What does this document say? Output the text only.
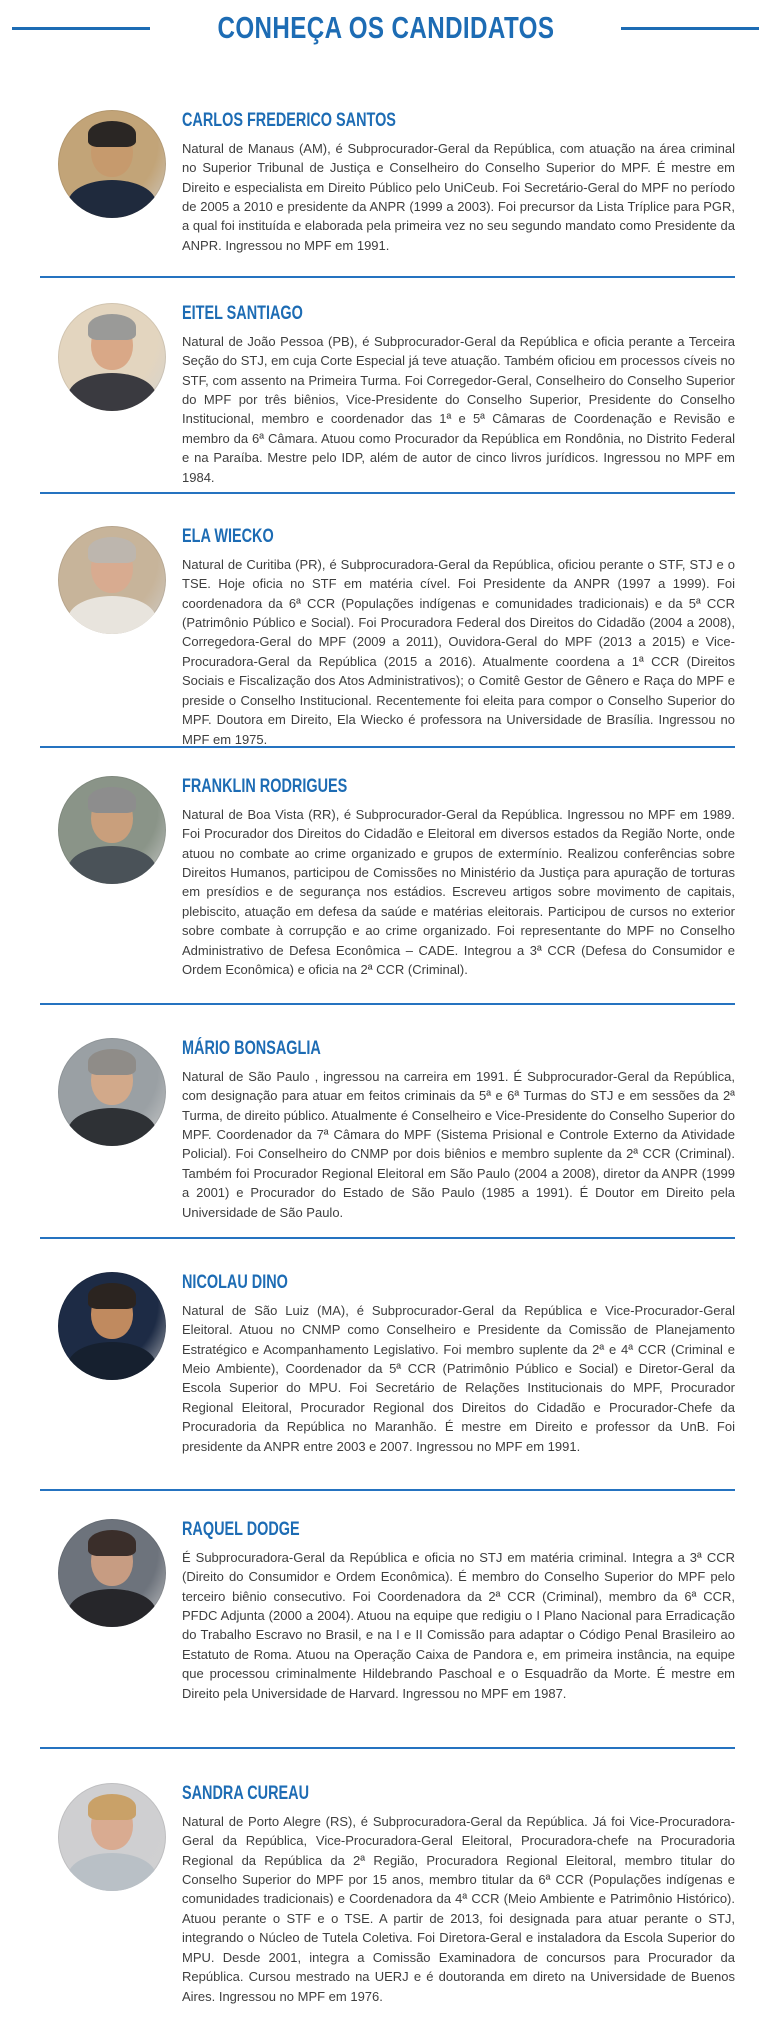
CONHEÇA OS CANDIDATOS
CARLOS FREDERICO SANTOS

Natural de Manaus (AM), é Subprocurador-Geral da República, com atuação na área criminal no Superior Tribunal de Justiça e Conselheiro do Conselho Superior do MPF. É mestre em Direito e especialista em Direito Público pelo UniCeub. Foi Secretário-Geral do MPF no período de 2005 a 2010 e presidente da ANPR (1999 a 2003). Foi precursor da Lista Tríplice para PGR, a qual foi instituída e elaborada pela primeira vez no seu segundo mandato como Presidente da ANPR. Ingressou no MPF em 1991.

EITEL SANTIAGO

Natural de João Pessoa (PB), é Subprocurador-Geral da República e oficia perante a Terceira Seção do STJ, em cuja Corte Especial já teve atuação. Também oficiou em processos cíveis no STF, com assento na Primeira Turma. Foi Corregedor-Geral, Conselheiro do Conselho Superior do MPF por três biênios, Vice-Presidente do Conselho Superior, Presidente do Conselho Institucional, membro e coordenador das 1ª e 5ª Câmaras de Coordenação e Revisão e membro da 6ª Câmara. Atuou como Procurador da República em Rondônia, no Distrito Federal e na Paraíba. Mestre pelo IDP, além de autor de cinco livros jurídicos. Ingressou no MPF em 1984.

ELA WIECKO

Natural de Curitiba (PR), é Subprocuradora-Geral da República, oficiou perante o STF, STJ e o TSE. Hoje oficia no STF em matéria cível. Foi Presidente da ANPR (1997 a 1999). Foi coordenadora da 6ª CCR (Populações indígenas e comunidades tradicionais) e da 5ª CCR (Patrimônio Público e Social). Foi Procuradora Federal dos Direitos do Cidadão (2004 a 2008), Corregedora-Geral do MPF (2009 a 2011), Ouvidora-Geral do MPF (2013 a 2015) e Vice-Procuradora-Geral da República (2015 a 2016). Atualmente coordena a 1ª CCR (Direitos Sociais e Fiscalização dos Atos Administrativos); o Comitê Gestor de Gênero e Raça do MPF e preside o Conselho Institucional. Recentemente foi eleita para compor o Conselho Superior do MPF. Doutora em Direito, Ela Wiecko é professora na Universidade de Brasília. Ingressou no MPF em 1975.

FRANKLIN RODRIGUES

Natural de Boa Vista (RR), é Subprocurador-Geral da República. Ingressou no MPF em 1989. Foi Procurador dos Direitos do Cidadão e Eleitoral em diversos estados da Região Norte, onde atuou no combate ao crime organizado e grupos de extermínio. Realizou conferências sobre Direitos Humanos, participou de Comissões no Ministério da Justiça para apuração de torturas em presídios e de segurança nos estádios. Escreveu artigos sobre movimento de capitais, plebiscito, atuação em defesa da saúde e matérias eleitorais. Participou de cursos no exterior sobre combate à corrupção e ao crime organizado. Foi representante do MPF no Conselho Administrativo de Defesa Econômica – CADE. Integrou a 3ª CCR (Defesa do Consumidor e Ordem Econômica) e oficia na 2ª CCR (Criminal).

MÁRIO BONSAGLIA

Natural de São Paulo , ingressou na carreira em 1991. É Subprocurador-Geral da República, com designação para atuar em feitos criminais da 5ª e 6ª Turmas do STJ e em sessões da 2ª Turma, de direito público. Atualmente é Conselheiro e Vice-Presidente do Conselho Superior do MPF. Coordenador da 7ª Câmara do MPF (Sistema Prisional e Controle Externo da Atividade Policial). Foi Conselheiro do CNMP por dois biênios e membro suplente da 2ª CCR (Criminal). Também foi Procurador Regional Eleitoral em São Paulo (2004 a 2008), diretor da ANPR (1999 a 2001) e Procurador do Estado de São Paulo (1985 a 1991). É Doutor em Direito pela Universidade de São Paulo.

NICOLAU DINO

Natural de São Luiz (MA), é Subprocurador-Geral da República e Vice-Procurador-Geral Eleitoral. Atuou no CNMP como Conselheiro e Presidente da Comissão de Planejamento Estratégico e Acompanhamento Legislativo. Foi membro suplente da 2ª e 4ª CCR (Criminal e Meio Ambiente), Coordenador da 5ª CCR (Patrimônio Público e Social) e Diretor-Geral da Escola Superior do MPU. Foi Secretário de Relações Institucionais do MPF, Procurador Regional Eleitoral, Procurador Regional dos Direitos do Cidadão e Procurador-Chefe da Procuradoria da República no Maranhão. É mestre em Direito e professor da UnB. Foi presidente da ANPR entre 2003 e 2007. Ingressou no MPF em 1991.

RAQUEL DODGE

É Subprocuradora-Geral da República e oficia no STJ em matéria criminal. Integra a 3ª CCR (Direito do Consumidor e Ordem Econômica). É membro do Conselho Superior do MPF pelo terceiro biênio consecutivo. Foi Coordenadora da 2ª CCR (Criminal), membro da 6ª CCR, PFDC Adjunta (2000 a 2004). Atuou na equipe que redigiu o I Plano Nacional para Erradicação do Trabalho Escravo no Brasil, e na I e II Comissão para adaptar o Código Penal Brasileiro ao Estatuto de Roma. Atuou na Operação Caixa de Pandora e, em primeira instância, na equipe que processou criminalmente Hildebrando Paschoal e o Esquadrão da Morte. É mestre em Direito pela Universidade de Harvard. Ingressou no MPF em 1987.

SANDRA CUREAU

Natural de Porto Alegre (RS), é Subprocuradora-Geral da República. Já foi Vice-Procuradora-Geral da República, Vice-Procuradora-Geral Eleitoral, Procuradora-chefe na Procuradoria Regional da República da 2ª Região, Procuradora Regional Eleitoral, membro titular do Conselho Superior do MPF por 15 anos, membro titular da 6ª CCR (Populações indígenas e comunidades tradicionais) e Coordenadora da 4ª CCR (Meio Ambiente e Patrimônio Histórico). Atuou perante o STF e o TSE. A partir de 2013, foi designada para atuar perante o STJ, integrando o Núcleo de Tutela Coletiva. Foi Diretora-Geral e instaladora da Escola Superior do MPU. Desde 2001, integra a Comissão Examinadora de concursos para Procurador da República. Cursou mestrado na UERJ e é doutoranda em direto na Universidade de Buenos Aires. Ingressou no MPF em 1976.
